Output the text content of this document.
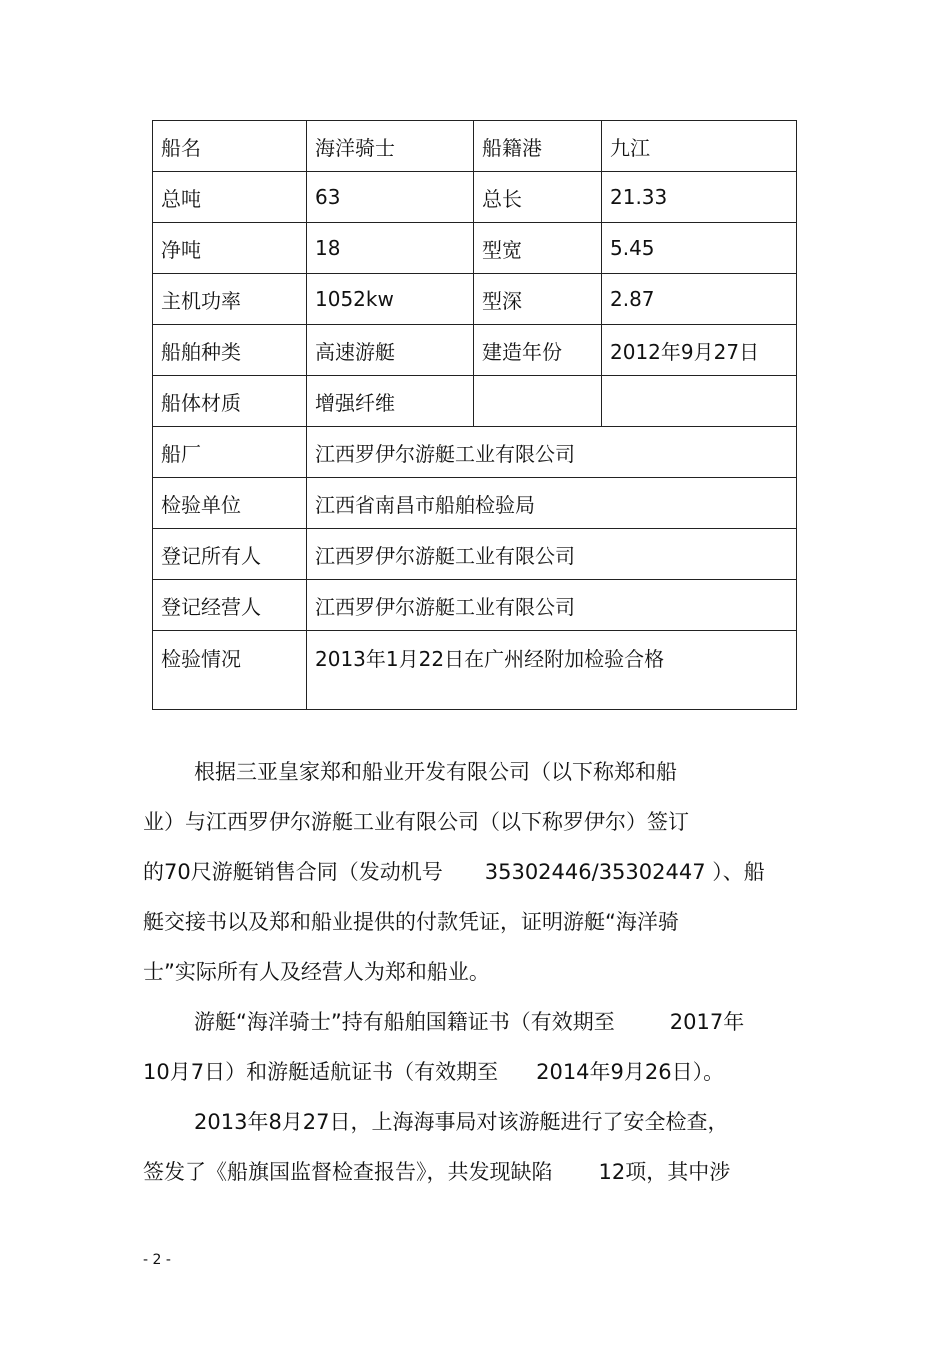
船名	海洋骑士	船籍港	九江
总吨	63	总长	21.33
净吨	18	型宽	5.45
主机功率	1052kw	型深	2.87
船舶种类	高速游艇	建造年份	2012年9月27日
船体材质	增强纤维		
船厂	江西罗伊尔游艇工业有限公司		
检验单位	江西省南昌市船舶检验局		
登记所有人	江西罗伊尔游艇工业有限公司		
登记经营人	江西罗伊尔游艇工业有限公司		
检验情况	2013年1月22日在广州经附加检验合格		
根据三亚皇家郑和船业开发有限公司（以下称郑和船
业）与江西罗伊尔游艇工业有限公司（以下称罗伊尔）签订
的70尺游艇销售合同（发动机号 35302446/35302447 ）、船
艇交接书以及郑和船业提供的付款凭证，证明游艇“海洋骑
士”实际所有人及经营人为郑和船业。
游艇“海洋骑士”持有船舶国籍证书（有效期至	2017年
10月7日）和游艇适航证书（有效期至 2014年9月26日）。
2013年8月27日，上海海事局对该游艇进行了安全检查，
签发了《船旗国监督检查报告》，共发现缺陷 12项，其中涉
- 2 -
